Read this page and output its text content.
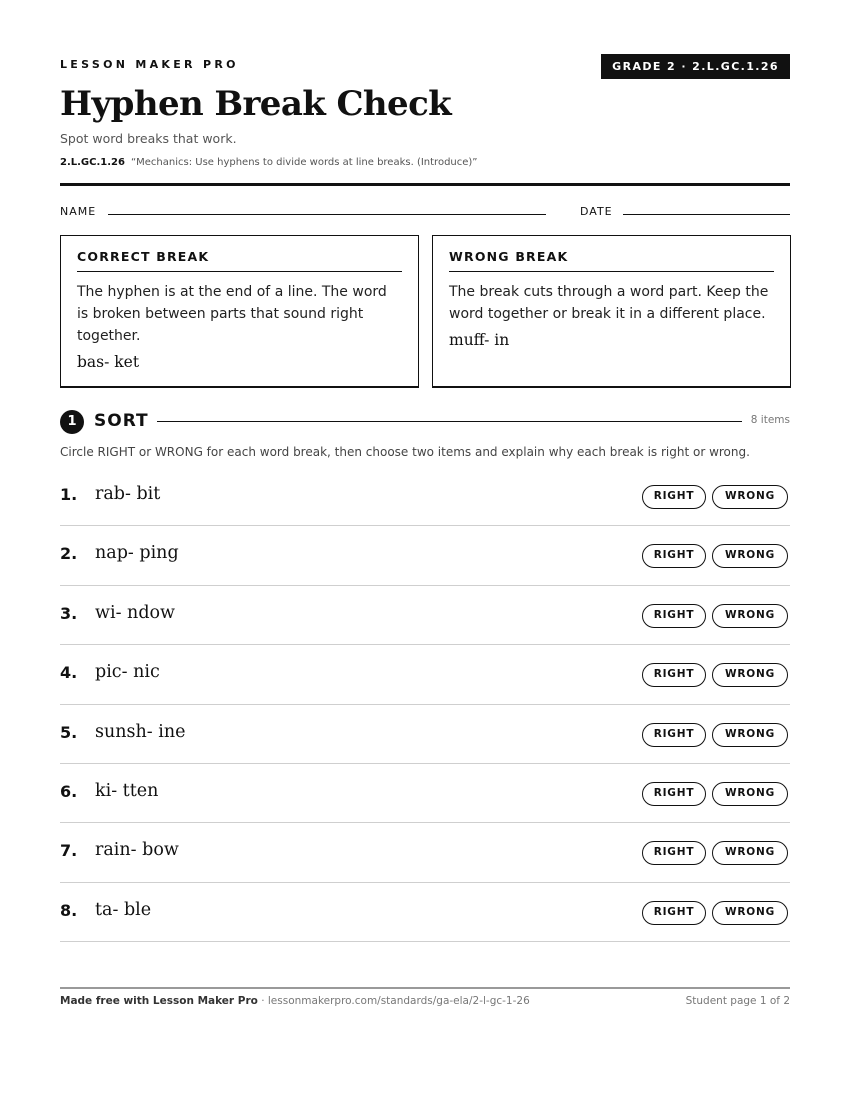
LESSON MAKER PRO	GRADE 2 · 2.L.GC.1.26
Hyphen Break Check
Spot word breaks that work.
2.L.GC.1.26 “Mechanics: Use hyphens to divide words at line breaks. (Introduce)”
NAME	DATE
CORRECT BREAK
The hyphen is at the end of a line. The word is broken between parts that sound right together.
bas- ket
WRONG BREAK
The break cuts through a word part. Keep the word together or break it in a different place.
muff- in
1	SORT	8 items
Circle RIGHT or WRONG for each word break, then choose two items and explain why each break is right or wrong.
1.	rab- bit	RIGHT	WRONG
2.	nap- ping	RIGHT	WRONG
3.	wi- ndow	RIGHT	WRONG
4.	pic- nic	RIGHT	WRONG
5.	sunsh- ine	RIGHT	WRONG
6.	ki- tten	RIGHT	WRONG
7.	rain- bow	RIGHT	WRONG
8.	ta- ble	RIGHT	WRONG
Made free with Lesson Maker Pro · lessonmakerpro.com/standards/ga-ela/2-l-gc-1-26	Student page 1 of 2
